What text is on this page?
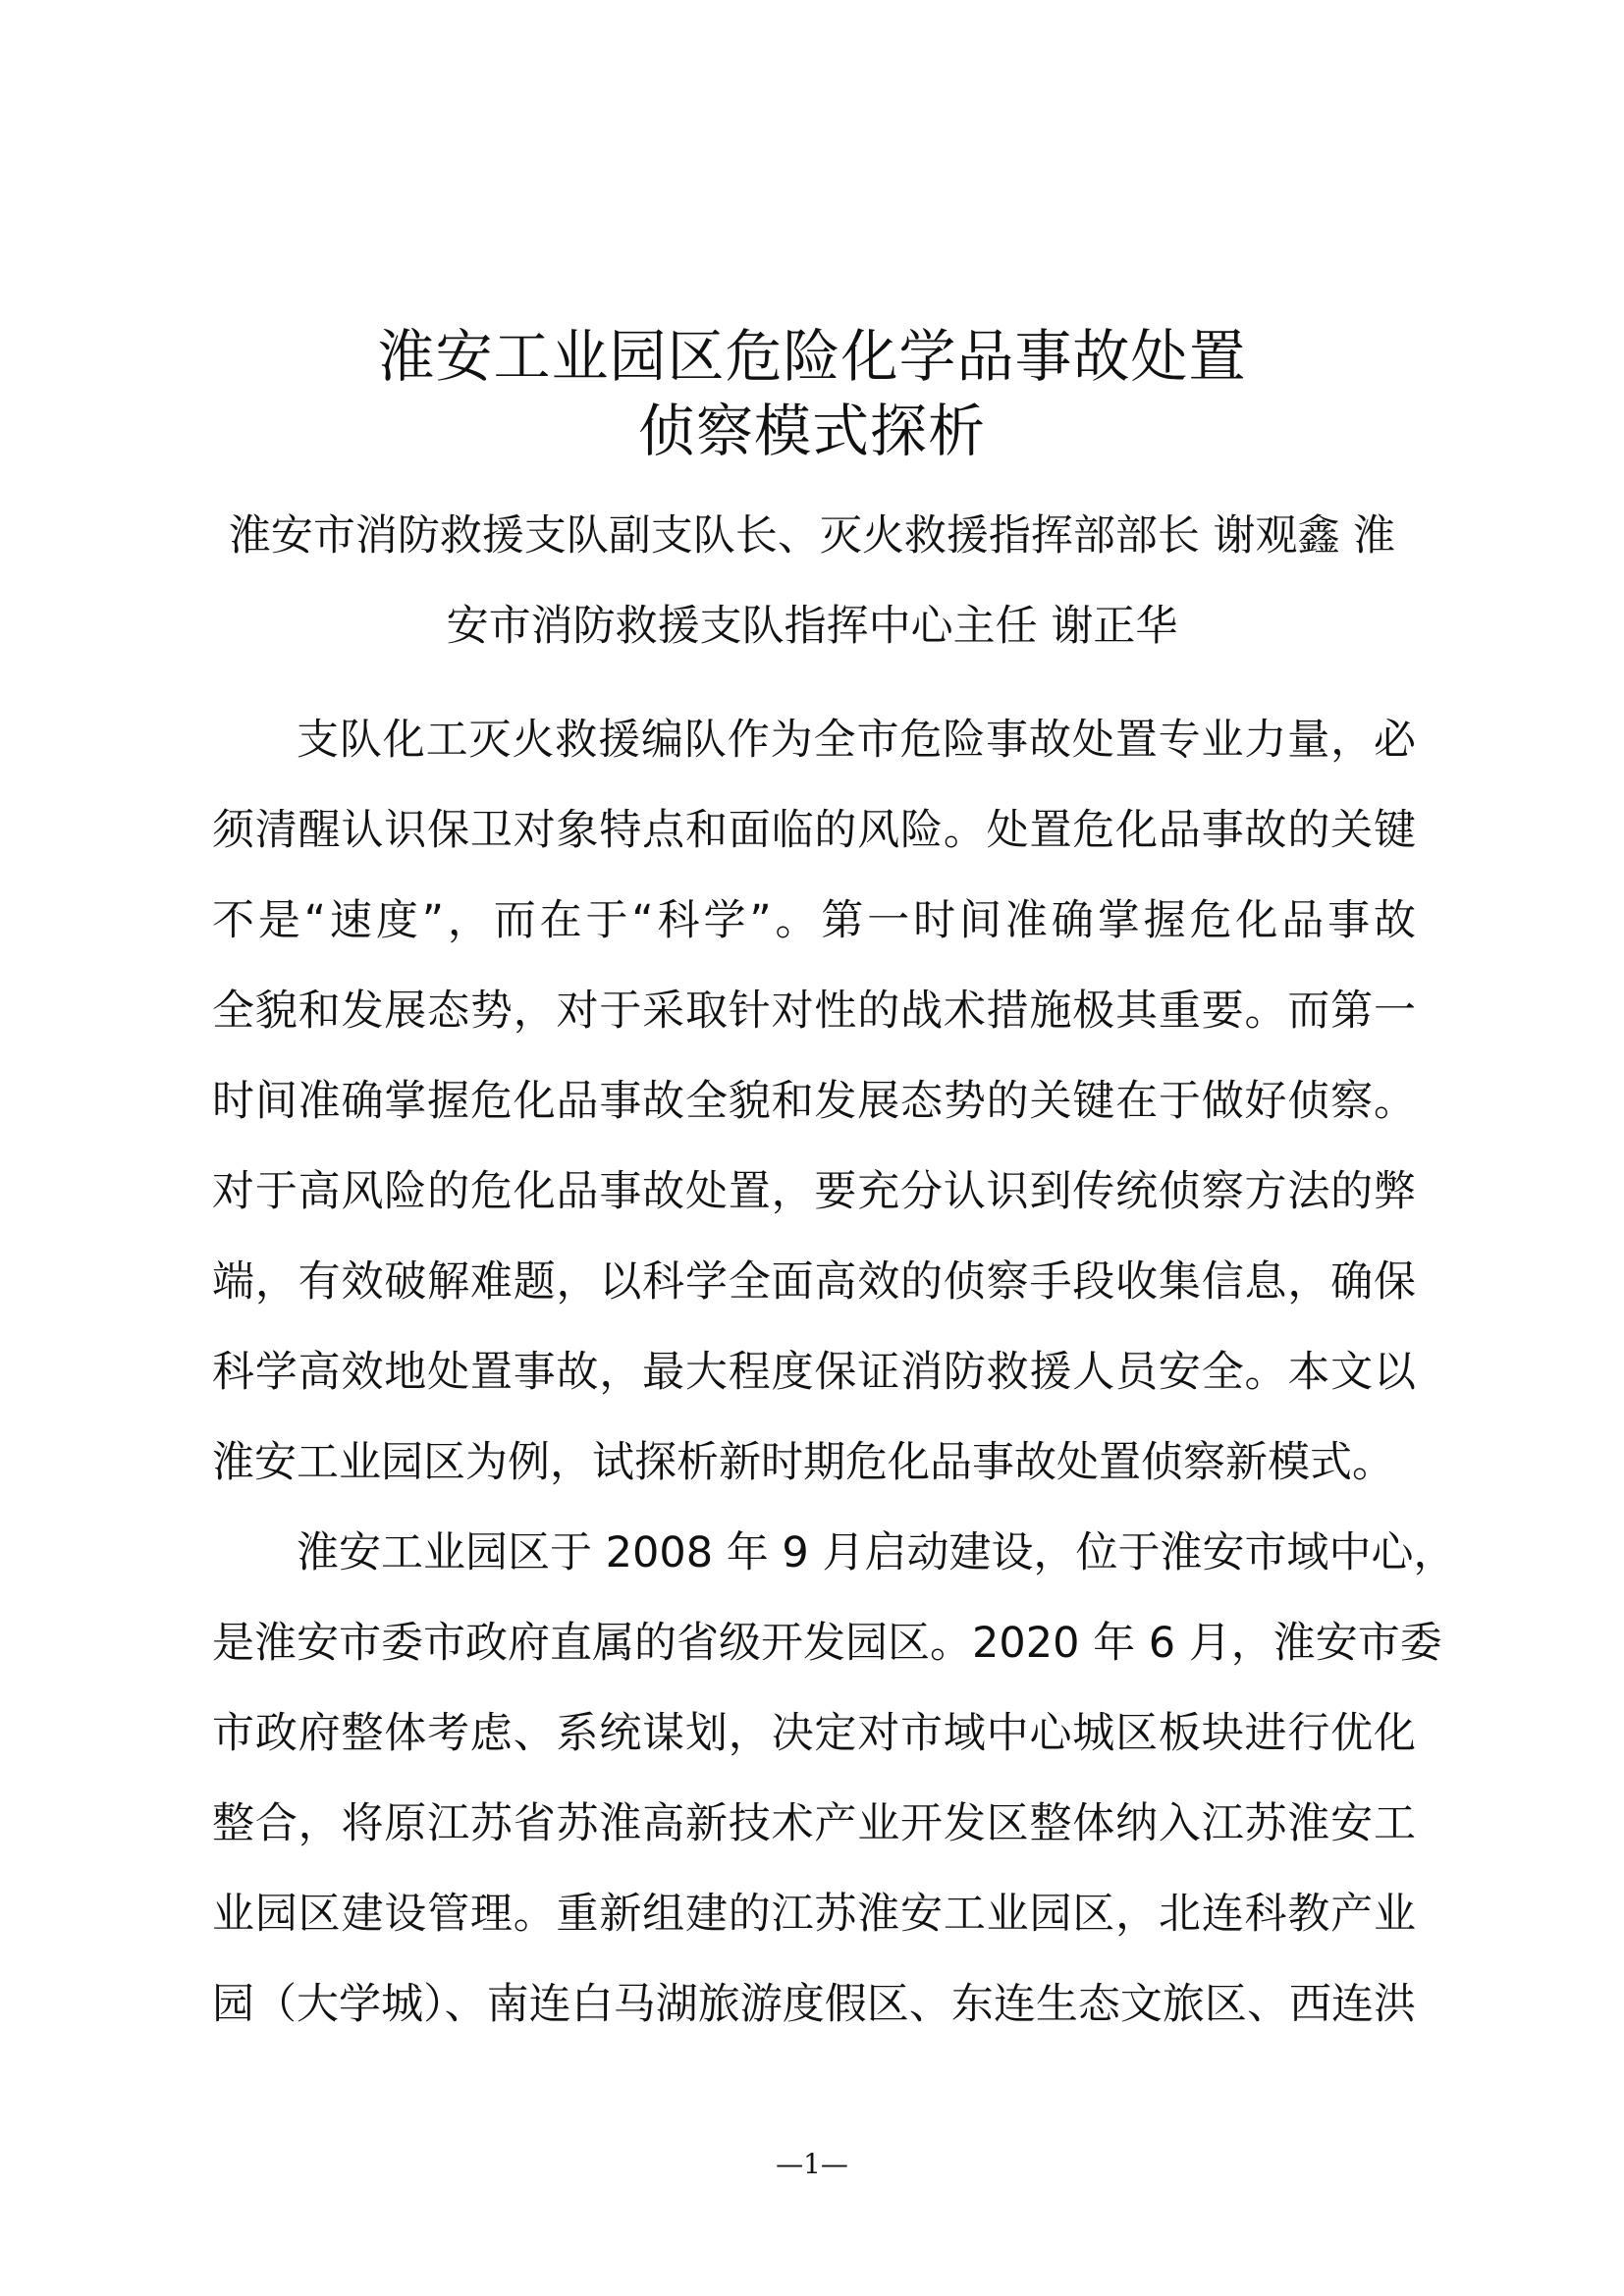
淮安工业园区危险化学品事故处置
侦察模式探析
淮安市消防救援支队副支队长、灭火救援指挥部部长 谢观鑫 淮
安市消防救援支队指挥中心主任 谢正华
支队化工灭火救援编队作为全市危险事故处置专业力量，必
须清醒认识保卫对象特点和面临的风险。处置危化品事故的关键
不是“速度”，而在于“科学”。第一时间准确掌握危化品事故
全貌和发展态势，对于采取针对性的战术措施极其重要。而第一
时间准确掌握危化品事故全貌和发展态势的关键在于做好侦察。
对于高风险的危化品事故处置，要充分认识到传统侦察方法的弊
端，有效破解难题，以科学全面高效的侦察手段收集信息，确保
科学高效地处置事故，最大程度保证消防救援人员安全。本文以
淮安工业园区为例，试探析新时期危化品事故处置侦察新模式。
淮安工业园区于 2008 年 9 月启动建设，位于淮安市域中心，
是淮安市委市政府直属的省级开发园区。2020 年 6 月，淮安市委
市政府整体考虑、系统谋划，决定对市域中心城区板块进行优化
整合，将原江苏省苏淮高新技术产业开发区整体纳入江苏淮安工
业园区建设管理。重新组建的江苏淮安工业园区，北连科教产业
园（大学城）、南连白马湖旅游度假区、东连生态文旅区、西连洪
—1—
